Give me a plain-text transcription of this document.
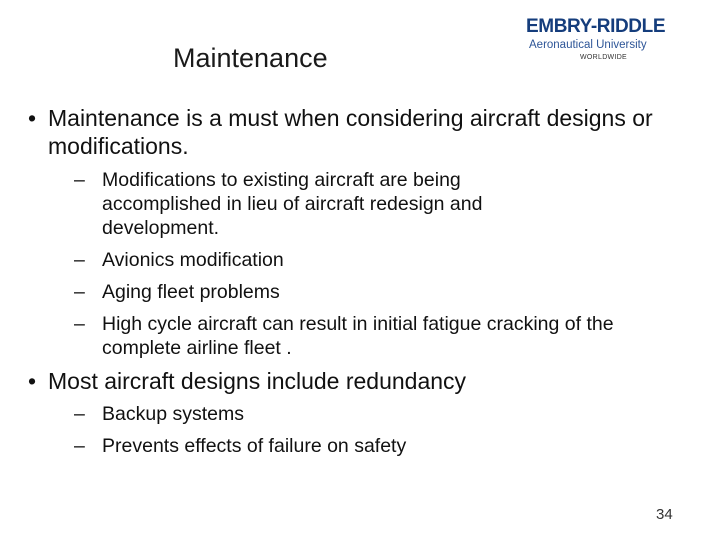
Maintenance
EMBRY-RIDDLE
Aeronautical University
WORLDWIDE
• Maintenance is a must when considering aircraft designs or modifications.
– Modifications to existing aircraft are being accomplished in lieu of aircraft redesign and development.
– Avionics modification
– Aging fleet problems
– High cycle aircraft can result in initial fatigue cracking of the complete airline fleet .
• Most aircraft designs include redundancy
– Backup systems
– Prevents effects of failure on safety
34
